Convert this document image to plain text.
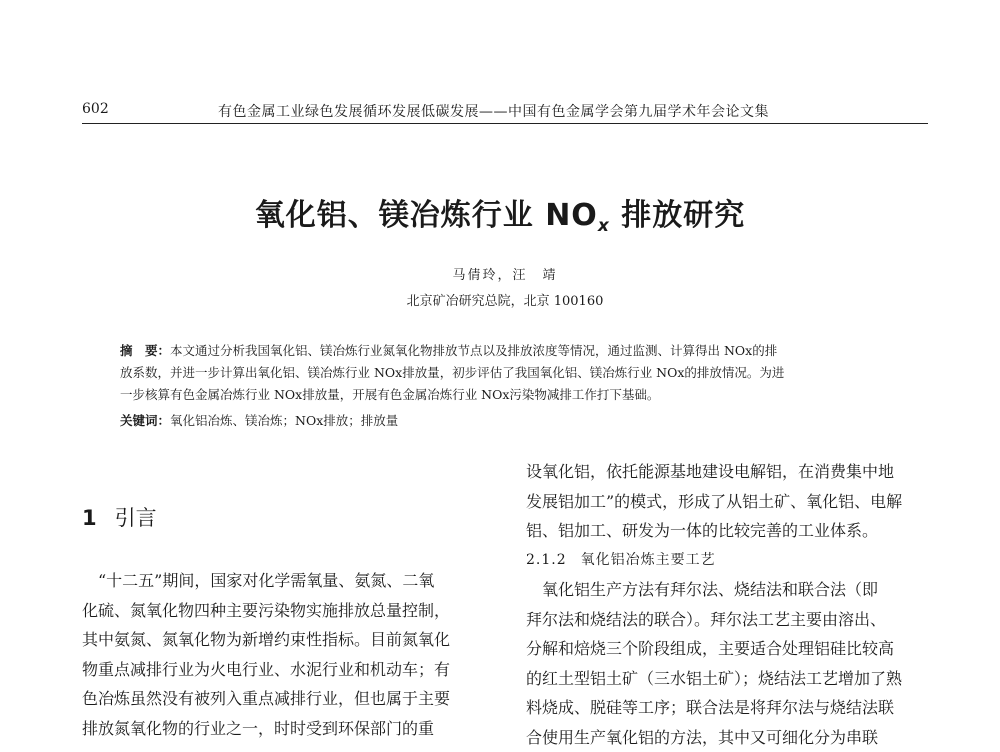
602	有色金属工业绿色发展循环发展低碳发展——中国有色金属学会第九届学术年会论文集
氧化铝、镁冶炼行业 $NO_x$ 排放研究
马倩玲，汪　靖
北京矿冶研究总院，北京 100160
摘　要：本文通过分析我国氧化铝、镁冶炼行业氮氧化物排放节点以及排放浓度等情况，通过监测、计算得出 NOx的排
放系数，并进一步计算出氧化铝、镁冶炼行业 NOx排放量，初步评估了我国氧化铝、镁冶炼行业 NOx的排放情况。为进
一步核算有色金属冶炼行业 NOx排放量，开展有色金属冶炼行业 NOx污染物减排工作打下基础。
关键词：氧化铝冶炼、镁冶炼；NOx排放；排放量
1 引言
　“十二五”期间，国家对化学需氧量、氨氮、二氧
化硫、氮氧化物四种主要污染物实施排放总量控制，
其中氨氮、氮氧化物为新增约束性指标。目前氮氧化
物重点减排行业为火电行业、水泥行业和机动车；有
色冶炼虽然没有被列入重点减排行业，但也属于主要
排放氮氧化物的行业之一，时时受到环保部门的重
设氧化铝，依托能源基地建设电解铝，在消费集中地
发展铝加工”的模式，形成了从铝土矿、氧化铝、电解
铝、铝加工、研发为一体的比较完善的工业体系。
2.1.2 氧化铝冶炼主要工艺
　氧化铝生产方法有拜尔法、烧结法和联合法（即
拜尔法和烧结法的联合）。拜尔法工艺主要由溶出、
分解和焙烧三个阶段组成，主要适合处理铝硅比较高
的红土型铝土矿（三水铝土矿）；烧结法工艺增加了熟
料烧成、脱硅等工序；联合法是将拜尔法与烧结法联
合使用生产氧化铝的方法，其中又可细化分为串联
